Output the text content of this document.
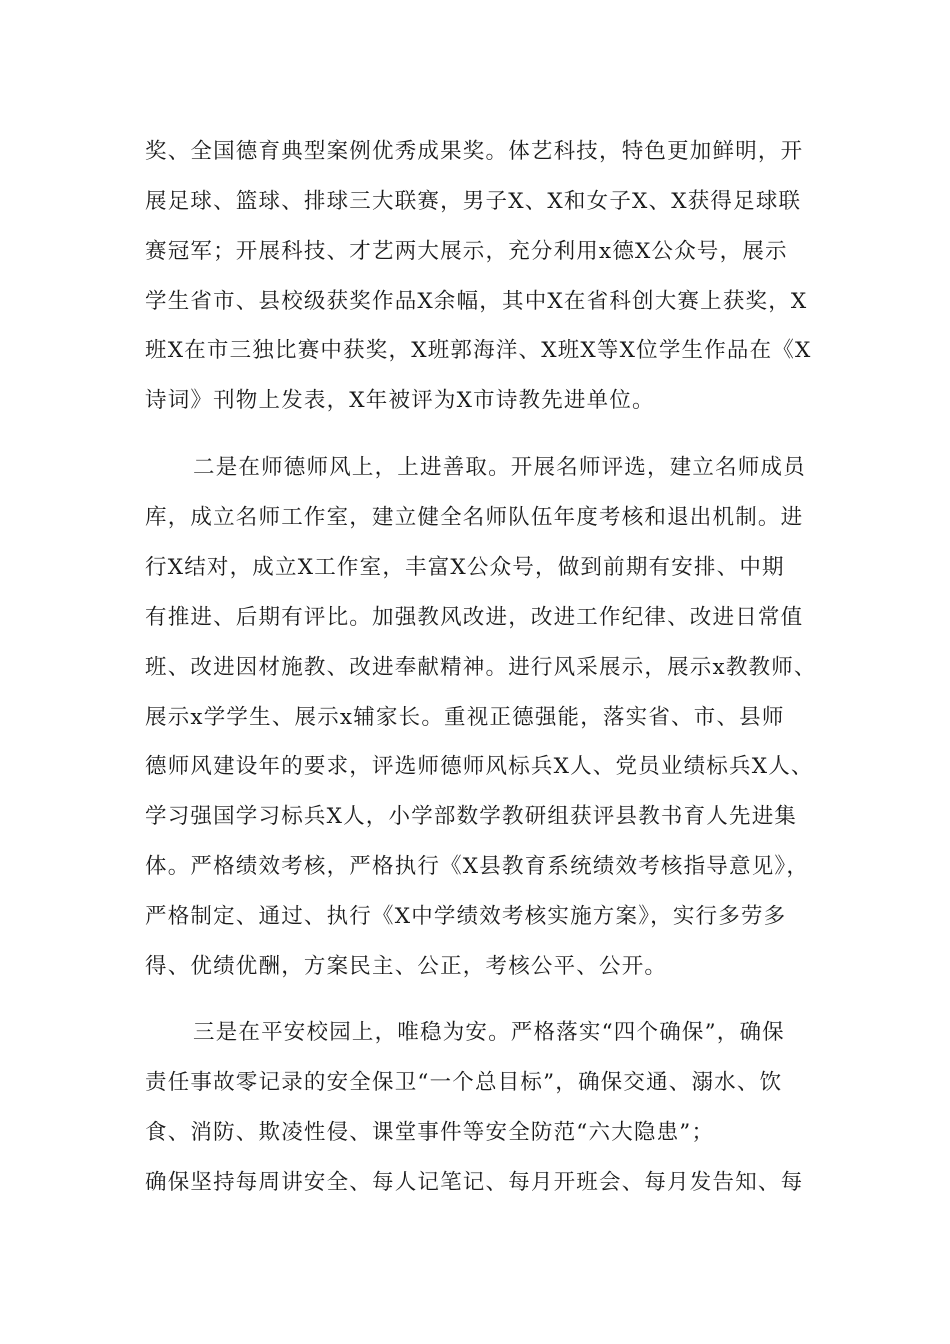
奖、全国德育典型案例优秀成果奖。体艺科技，特色更加鲜明，开
展足球、篮球、排球三大联赛，男子X、X和女子X、X获得足球联
赛冠军；开展科技、才艺两大展示，充分利用x德X公众号，展示
学生省市、县校级获奖作品X余幅，其中X在省科创大赛上获奖，X
班X在市三独比赛中获奖，X班郭海洋、X班X等X位学生作品在《X
诗词》刊物上发表，X年被评为X市诗教先进单位。
二是在师德师风上，上进善取。开展名师评选，建立名师成员
库，成立名师工作室，建立健全名师队伍年度考核和退出机制。进
行X结对，成立X工作室，丰富X公众号，做到前期有安排、中期
有推进、后期有评比。加强教风改进，改进工作纪律、改进日常值
班、改进因材施教、改进奉献精神。进行风采展示，展示x教教师、
展示x学学生、展示x辅家长。重视正德强能，落实省、市、县师
德师风建设年的要求，评选师德师风标兵X人、党员业绩标兵X人、
学习强国学习标兵X人，小学部数学教研组获评县教书育人先进集
体。严格绩效考核，严格执行《X县教育系统绩效考核指导意见》，
严格制定、通过、执行《X中学绩效考核实施方案》，实行多劳多
得、优绩优酬，方案民主、公正，考核公平、公开。
三是在平安校园上，唯稳为安。严格落实“四个确保”，确保
责任事故零记录的安全保卫“一个总目标”，确保交通、溺水、饮
食、消防、欺凌性侵、课堂事件等安全防范“六大隐患”；
确保坚持每周讲安全、每人记笔记、每月开班会、每月发告知、每
